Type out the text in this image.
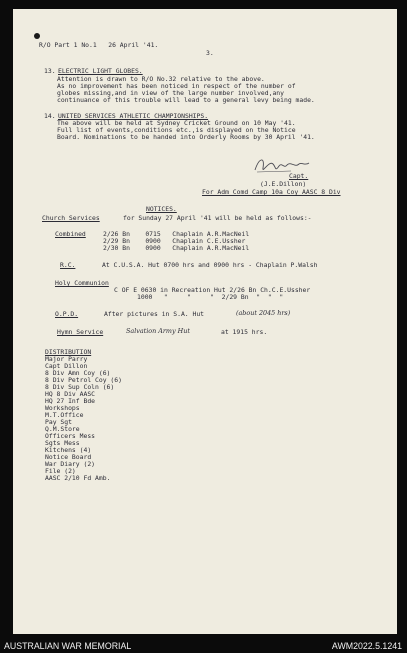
R/O Part 1 No.1   26 April '41.
3.
13. ELECTRIC LIGHT GLOBES.
Attention is drawn to R/O No.32 relative to the above.
As no improvement has been noticed in respect of the number of
globes missing,and in view of the large number involved,any
continuance of this trouble will lead to a general levy being made.
14. UNITED SERVICES ATHLETIC CHAMPIONSHIPS.
The above will be held at Sydney Cricket Ground on 10 May '41.
Full list of events,conditions etc.,is displayed on the Notice
Board. Nominations to be handed into Orderly Rooms by 30 April '41.
Capt.
(J.E.Dillon)
For Adm Comd Camp 10a Coy AASC 8 Div
NOTICES.
Church Services	for Sunday 27 April '41 will be held as follows:-
Combined	2/26 Bn    0715   Chaplain A.R.MacNeil
2/29 Bn    0900   Chaplain C.E.Ussher
2/30 Bn    0900   Chaplain A.R.MacNeil
R.C.	At C.U.S.A. Hut 0700 hrs and 0900 hrs - Chaplain P.Walsh
Holy Communion
C OF E 0630 in Recreation Hut 2/26 Bn Ch.C.E.Ussher
1000   "     "     "  2/29 Bn  "  "  "
O.P.D.	After pictures in S.A. Hut	(about 2045 hrs)
Hymn Service	Salvation Army Hut	at 1915 hrs.
DISTRIBUTION
Major Parry
Capt Dillon
8 Div Amn Coy (6)
8 Div Petrol Coy (6)
8 Div Sup Coln (6)
HQ 8 Div AASC
HQ 27 Inf Bde
Workshops
M.T.Office
Pay Sgt
Q.M.Store
Officers Mess
Sgts Mess
Kitchens (4)
Notice Board
War Diary (2)
File (2)
AASC 2/10 Fd Amb.
AUSTRALIAN WAR MEMORIAL	AWM2022.5.1241
